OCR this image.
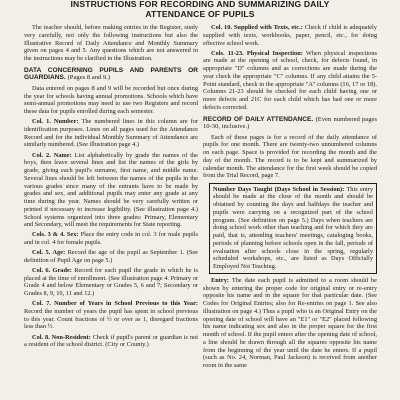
INSTRUCTIONS FOR RECORDING AND SUMMARIZING DAILY
ATTENDANCE OF PUPILS

The teacher should, before making entries in the Register, study very carefully, not only the following instructions but also the Illustrative Record of Daily Attendance and Monthly Summary given on pages 4 and 5. Any questions which are not answered in the instructions may be clarified in the Illustration.

DATA CONCERNING PUPILS AND PARENTS OR GUARDIANS. (Pages 8 and 9.)

Data entered on pages 8 and 9 will be recorded but once during the year for schools having annual promotions. Schools which have semi-annual promotions may need to use two Registers and record these data for pupils enrolled during each semester.

Col. 1. Number: The numbered lines in this column are for identification purposes. Lines on all pages used for the Attendance Record and for the individual Monthly Summary of Attendance are similarly numbered. (See illustration page 4.)

Col. 2. Name: List alphabetically by grade the names of the boys, then leave several lines and list the names of the girls by grade, giving each pupil's surname, first name, and middle name. Several lines should be left between the names of the pupils in the various grades since many of the entrants have to be made by grades and sex, and additional pupils may enter any grade at any time during the year. Names should be very carefully written or printed if necessary to increase legibility. (See illustration page 4.) School systems organized into three grades: Primary, Elementary and Secondary, will meet the requirements for State reporting.

Cols. 3 & 4. Sex: Place the entry code in col. 3 for male pupils and in col. 4 for female pupils.

Col. 5. Age: Record the age of the pupil as September 1. (See definition of Pupil Age on page 5.)

Col. 6. Grade: Record for each pupil the grade in which he is placed at the time of enrollment. (See illustration page 4. Primary or Grade 4 and below Elementary or Grades 5, 6 and 7; Secondary or Grades 8, 9, 10, 11 and 12.)

Col. 7. Number of Years in School Previous to this Year: Record the number of years the pupil has spent in school previous to this year. Count fractions of ½ or over as 1, disregard fractions less than ½.

Col. 8. Non-Resident: Check if pupil's parent or guardian is not a resident of the school district. (City or County.)

Col. 10. Supplied with Texts, etc.: Check if child is adequately supplied with texts, workbooks, paper, pencil, etc., for doing effective school work.

Cols. 11-23. Physical Inspection: When physical inspections are made at the opening of school, check, for defects found, in appropriate "D" columns and as corrections are made during the year check the appropriate "C" columns. If any child attains the 5-Point standard, check in the appropriate "A" columns (16, 17 or 18). Columns 21-23 should be checked for each child having one or more defects and 21C for each child which has had one or more defects corrected.

RECORD OF DAILY ATTENDANCE. (Even numbered pages 10-30, inclusive.)

Each of these pages is for a record of the daily attendance of pupils for one month. There are twenty-two unnumbered columns on each page. Space is provided for recording the month and the day of the month. The record is to be kept and summarized by calendar month. The attendance for the first week should be copied from the Trial Record, page 7.

Number Days Taught (Days School in Session): This entry should be made at the close of the month and should be obtained by counting the days and halfdays the teacher and pupils were carrying on a recognized part of the school program. (See definition on page 5.) Days when teachers are doing school work other than teaching and for which they are paid, that is, attending teachers' meetings, cataloging books, periods of planning before schools open in the fall, periods of evaluation after schools close in the spring, regularly scheduled workshops, etc., are listed as Days Officially Employed Not Teaching.

Entry: The date each pupil is admitted to a room should be shown by entering the proper code for original entry or re-entry opposite his name and in the square for that particular date. (See Codes for Original Entries; also for Re-entries on page 1. See also illustration on page 4.) Thus a pupil who is an Original Entry on the opening date of school will have an "E1" or "E2" placed following his name indicating sex and also in the proper square for the first month of school. If the pupil enters after the opening date of school, a line should be drawn through all the squares opposite his name from the beginning of the year until the date he enters. If a pupil (such as No. 24, Norman, Paul Jackson) is received from another room in the same
